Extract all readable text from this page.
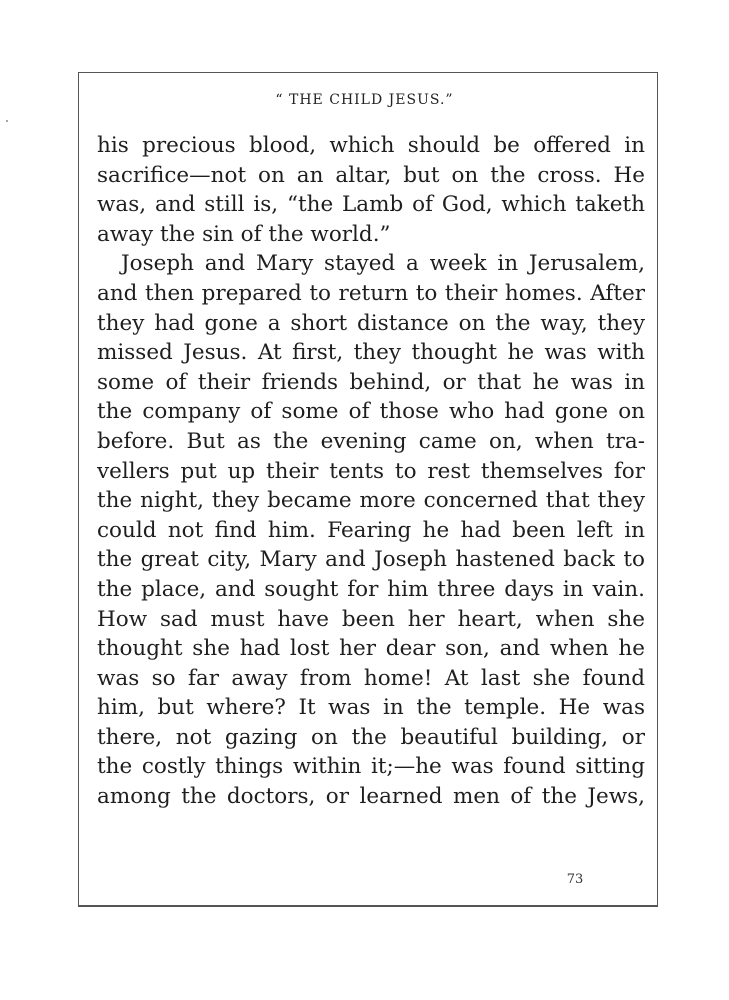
“ THE CHILD JESUS.”
his precious blood, which should be offered in
sacrifice—not on an altar, but on the cross. He
was, and still is, “the Lamb of God, which taketh
away the sin of the world.”
Joseph and Mary stayed a week in Jerusalem,
and then prepared to return to their homes. After
they had gone a short distance on the way, they
missed Jesus. At first, they thought he was with
some of their friends behind, or that he was in
the company of some of those who had gone on
before. But as the evening came on, when tra-
vellers put up their tents to rest themselves for
the night, they became more concerned that they
could not find him. Fearing he had been left in
the great city, Mary and Joseph hastened back to
the place, and sought for him three days in vain.
How sad must have been her heart, when she
thought she had lost her dear son, and when he
was so far away from home! At last she found
him, but where? It was in the temple. He was
there, not gazing on the beautiful building, or
the costly things within it;—he was found sitting
among the doctors, or learned men of the Jews,
73
